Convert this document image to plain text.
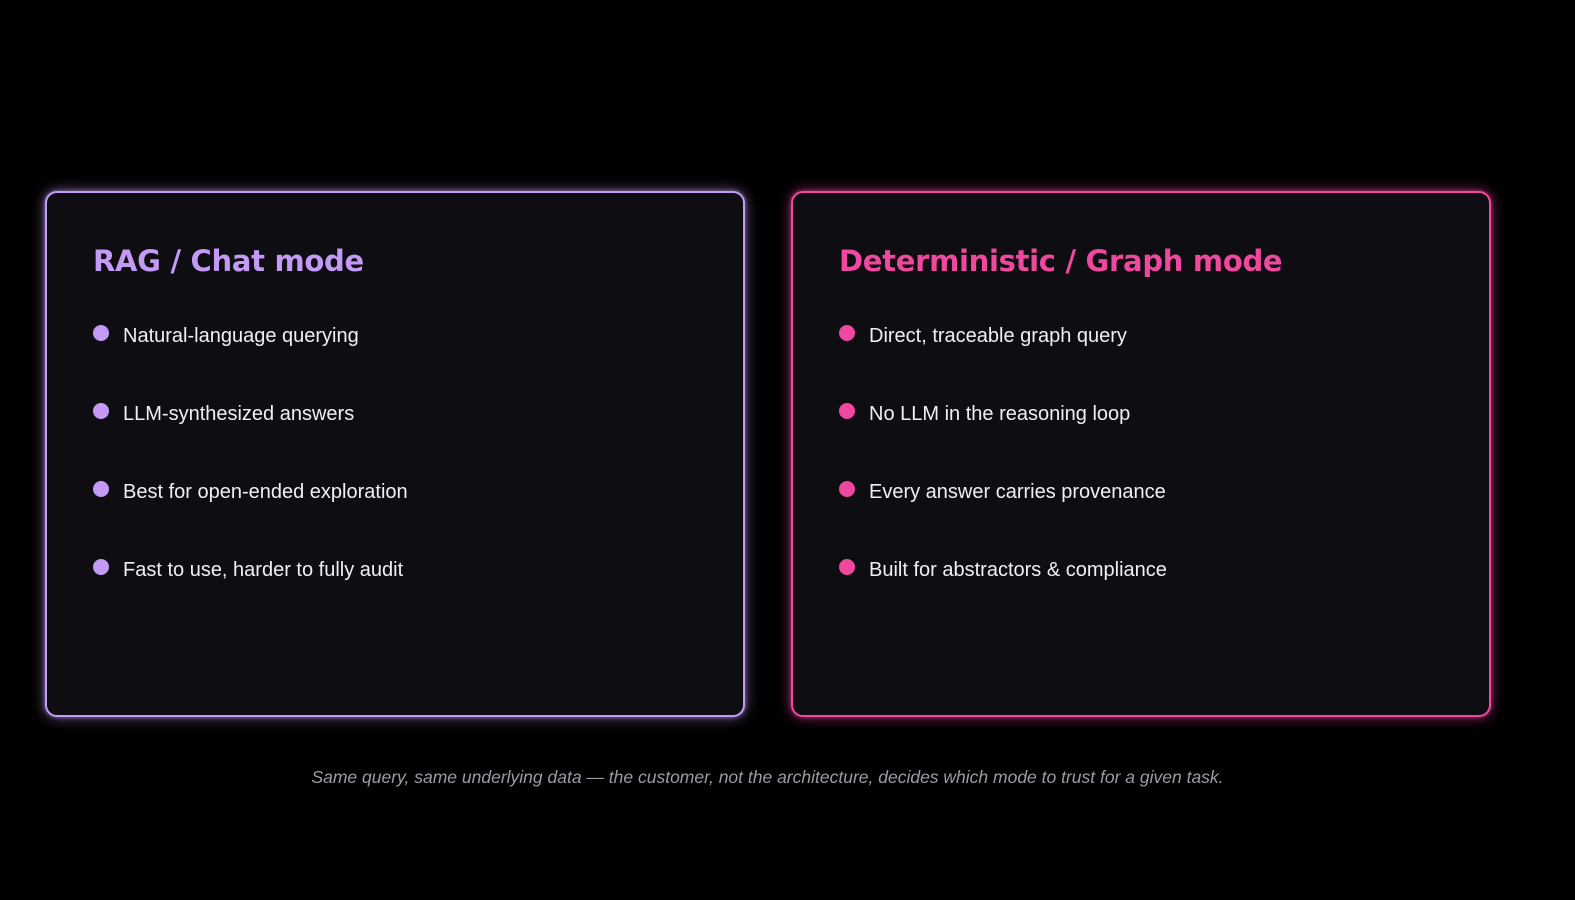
RAG / Chat mode
Natural-language querying
LLM-synthesized answers
Best for open-ended exploration
Fast to use, harder to fully audit
Deterministic / Graph mode
Direct, traceable graph query
No LLM in the reasoning loop
Every answer carries provenance
Built for abstractors & compliance
Same query, same underlying data — the customer, not the architecture, decides which mode to trust for a given task.
